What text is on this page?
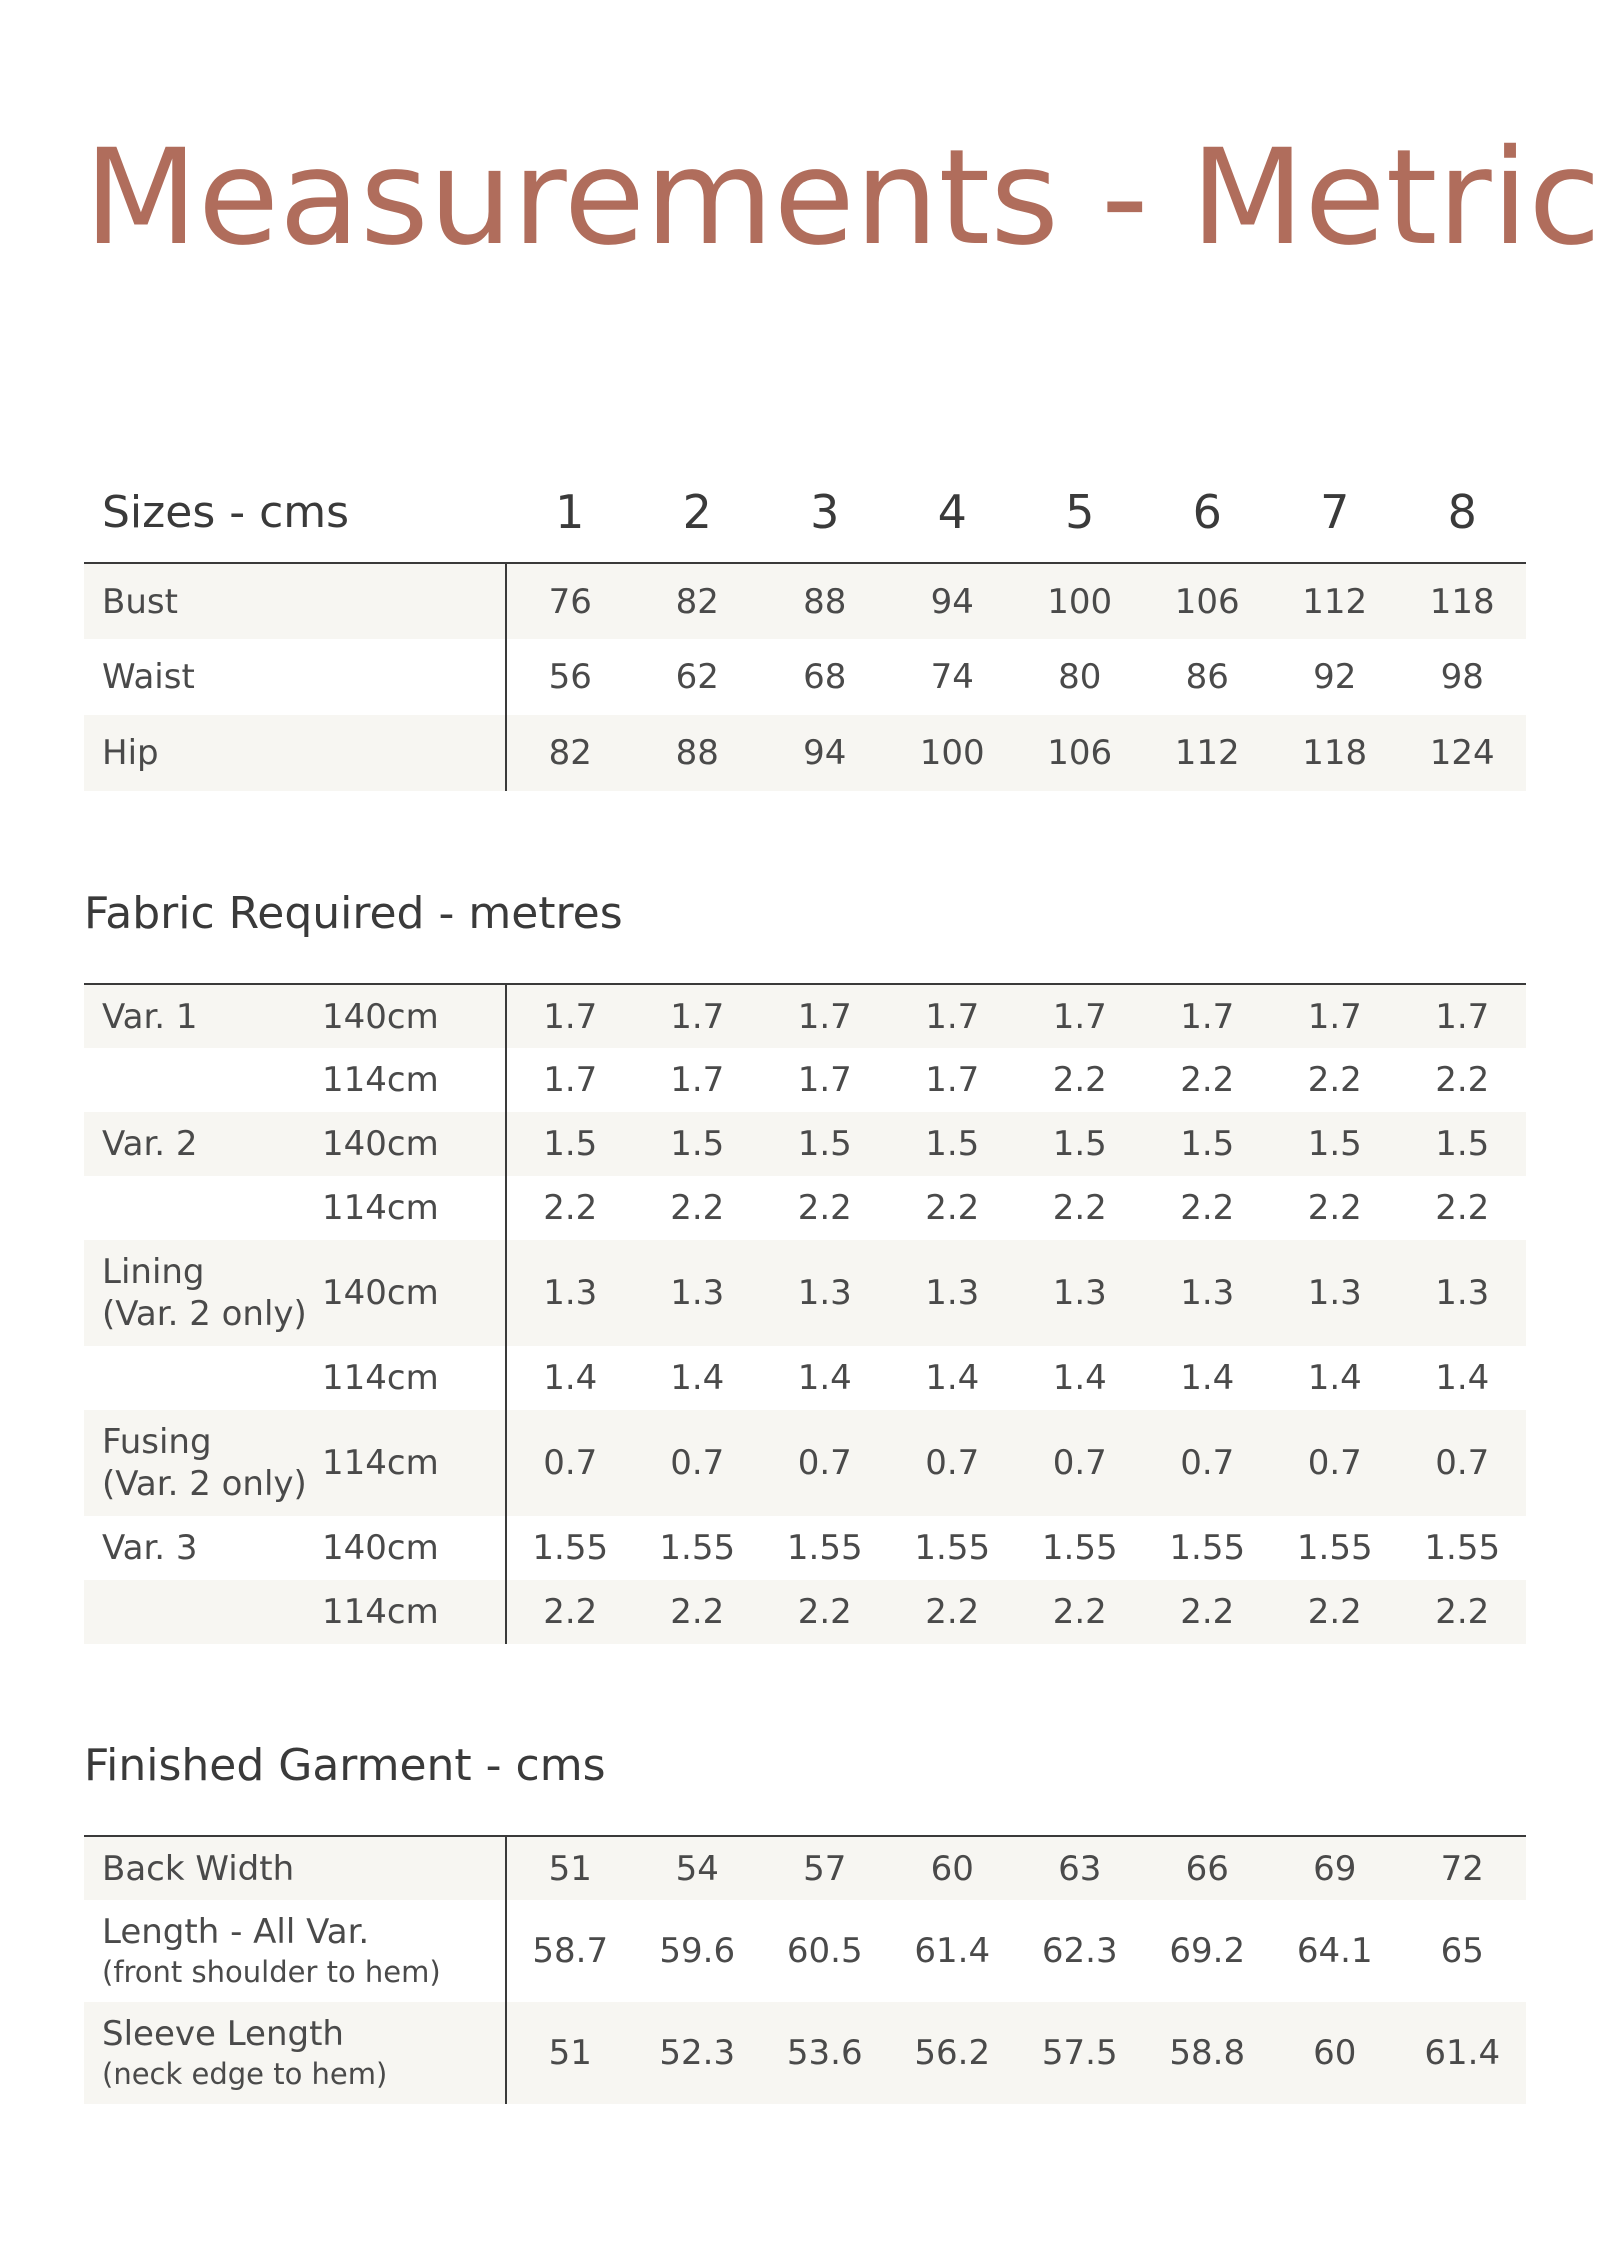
Measurements - Metric
Sizes - cms	1	2	3	4	5	6	7	8
Bust	76	82	88	94	100	106	112	118
Waist	56	62	68	74	80	86	92	98
Hip	82	88	94	100	106	112	118	124
Fabric Required - metres
Var. 1	140cm	1.7	1.7	1.7	1.7	1.7	1.7	1.7	1.7
	114cm	1.7	1.7	1.7	1.7	2.2	2.2	2.2	2.2

Var. 2	140cm	1.5	1.5	1.5	1.5	1.5	1.5	1.5	1.5
	114cm	2.2	2.2	2.2	2.2	2.2	2.2	2.2	2.2

Lining
(Var. 2 only)	140cm	1.3	1.3	1.3	1.3	1.3	1.3	1.3	1.3
	114cm	1.4	1.4	1.4	1.4	1.4	1.4	1.4	1.4

Fusing
(Var. 2 only)	114cm	0.7	0.7	0.7	0.7	0.7	0.7	0.7	0.7

Var. 3	140cm	1.55	1.55	1.55	1.55	1.55	1.55	1.55	1.55
	114cm	2.2	2.2	2.2	2.2	2.2	2.2	2.2	2.2
Finished Garment - cms
Back Width	51	54	57	60	63	66	69	72

Length - All Var.
(front shoulder to hem)	58.7	59.6	60.5	61.4	62.3	69.2	64.1	65

Sleeve Length
(neck edge to hem)	51	52.3	53.6	56.2	57.5	58.8	60	61.4
